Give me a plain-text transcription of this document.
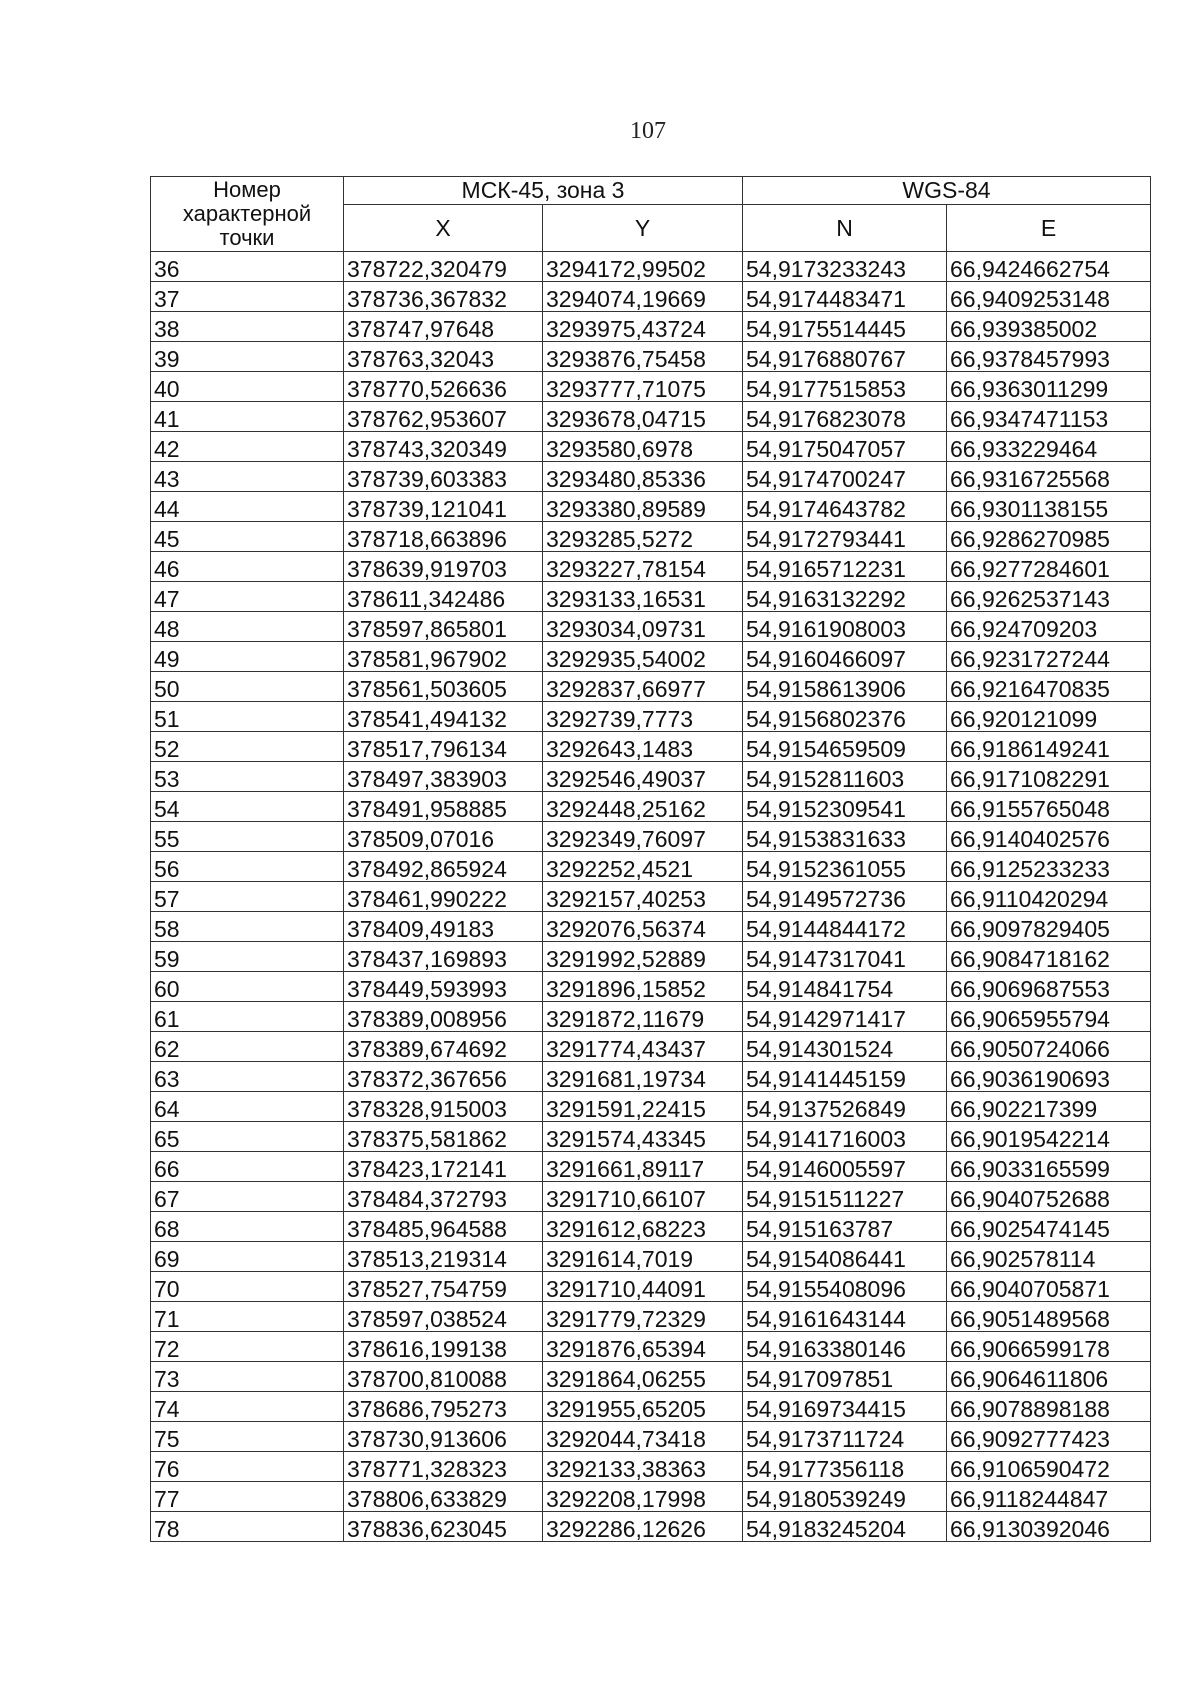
107
Номер характерной точки	МСК-45, зона 3		WGS-84	
	X	Y	N	E
36	378722,320479	3294172,99502	54,9173233243	66,9424662754
37	378736,367832	3294074,19669	54,9174483471	66,9409253148
38	378747,97648	3293975,43724	54,9175514445	66,939385002
39	378763,32043	3293876,75458	54,9176880767	66,9378457993
40	378770,526636	3293777,71075	54,9177515853	66,9363011299
41	378762,953607	3293678,04715	54,9176823078	66,9347471153
42	378743,320349	3293580,6978	54,9175047057	66,933229464
43	378739,603383	3293480,85336	54,9174700247	66,9316725568
44	378739,121041	3293380,89589	54,9174643782	66,9301138155
45	378718,663896	3293285,5272	54,9172793441	66,9286270985
46	378639,919703	3293227,78154	54,9165712231	66,9277284601
47	378611,342486	3293133,16531	54,9163132292	66,9262537143
48	378597,865801	3293034,09731	54,9161908003	66,924709203
49	378581,967902	3292935,54002	54,9160466097	66,9231727244
50	378561,503605	3292837,66977	54,9158613906	66,9216470835
51	378541,494132	3292739,7773	54,9156802376	66,920121099
52	378517,796134	3292643,1483	54,9154659509	66,9186149241
53	378497,383903	3292546,49037	54,9152811603	66,9171082291
54	378491,958885	3292448,25162	54,9152309541	66,9155765048
55	378509,07016	3292349,76097	54,9153831633	66,9140402576
56	378492,865924	3292252,4521	54,9152361055	66,9125233233
57	378461,990222	3292157,40253	54,9149572736	66,9110420294
58	378409,49183	3292076,56374	54,9144844172	66,9097829405
59	378437,169893	3291992,52889	54,9147317041	66,9084718162
60	378449,593993	3291896,15852	54,914841754	66,9069687553
61	378389,008956	3291872,11679	54,9142971417	66,9065955794
62	378389,674692	3291774,43437	54,914301524	66,9050724066
63	378372,367656	3291681,19734	54,9141445159	66,9036190693
64	378328,915003	3291591,22415	54,9137526849	66,902217399
65	378375,581862	3291574,43345	54,9141716003	66,9019542214
66	378423,172141	3291661,89117	54,9146005597	66,9033165599
67	378484,372793	3291710,66107	54,9151511227	66,9040752688
68	378485,964588	3291612,68223	54,915163787	66,9025474145
69	378513,219314	3291614,7019	54,9154086441	66,902578114
70	378527,754759	3291710,44091	54,9155408096	66,9040705871
71	378597,038524	3291779,72329	54,9161643144	66,9051489568
72	378616,199138	3291876,65394	54,9163380146	66,9066599178
73	378700,810088	3291864,06255	54,917097851	66,9064611806
74	378686,795273	3291955,65205	54,9169734415	66,9078898188
75	378730,913606	3292044,73418	54,9173711724	66,9092777423
76	378771,328323	3292133,38363	54,9177356118	66,9106590472
77	378806,633829	3292208,17998	54,9180539249	66,9118244847
78	378836,623045	3292286,12626	54,9183245204	66,9130392046
